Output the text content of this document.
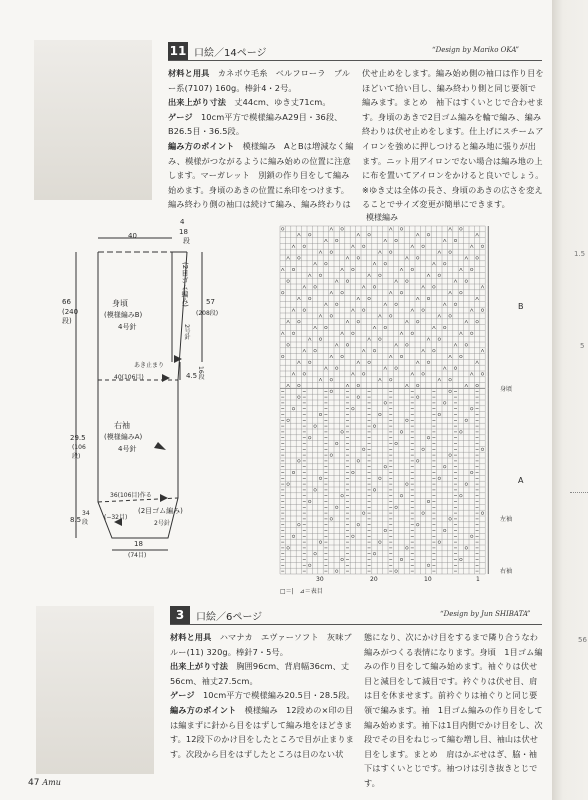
1.5
5
56
11 口絵／14ページ	“Design by Mariko OKA”

材料と用具　 カネボウ毛糸　ベルフローラ　ブルー系(7107) 160g。棒針4・2号。

出来上がり寸法　 丈44cm、ゆき丈71cm。

ゲージ　 10cm平方で模様編みA29目・36段、B26.5目・36.5段。

編み方のポイント　 模様編み　AとBは増減なく編み、模様がつながるように編み始めの位置に注意します。マーガレット　別鎖の作り目をして編み始めます。身頃のあきの位置に糸印をつけます。編み終わり側の袖口は続けて編み、編み終わりは

伏せ止めをします。編み始め側の袖口は作り目をほどいて拾い目し、編み終わり側と同じ要領で編みます。まとめ　袖下はすくいとじで合わせます。身頃のあきで2目ゴム編みを輪で編み、編み終わりは伏せ止めをします。仕上げにスチームアイロンを強めに押しつけると編み地に張りが出ます。ニット用アイロンでない場合は編み地の上に布を置いてアイロンをかけると良いでしょう。※ゆき丈は全体の長さ、身頃のあきの広さを変えることでサイズ変更が簡単にできます。

40
4
18
段
66
(240段)
身頃
(模様編みB)
4号針
(2目ゴム編み)
2号針
57
(208段)
あき止まり
40(106目)	4.5 16段
右袖
(模様編みA)
4号針
29.5
(106段)
36(106目)作る
8.5
34段
(−32目)
(2目ゴム編み)
2号針
18
(74目)
模様編み
B
A
身頃
左袖
右袖
1
10
20
30
□＝|　⊿＝表目
3	口絵／6ページ	“Design by Jun SHIBATA”

材料と用具　 ハマナカ　エヴァーソフト　灰味ブルー(11) 320g。棒針7・5号。

出来上がり寸法　 胸囲96cm、背肩幅36cm、丈56cm、袖丈27.5cm。

ゲージ　 10cm平方で模様編み20.5目・28.5段。

編み方のポイント　 模様編み　12段めの×印の目は編まずに針から目をはずして編み地をほどきます。12段下のかけ目をしたところで目が止まります。次段から目をはずしたところは目のない状

態になり、次にかけ目をするまで隣り合うなわ編みがつくる表情になります。身頃　1目ゴム編みの作り目をして編み始めます。袖ぐりは伏せ目と減目をして減目です。衿ぐりは伏せ目、肩は目を休ませます。前衿ぐりは袖ぐりと同じ要領で編みます。袖　1目ゴム編みの作り目をして編み始めます。袖下は1目内側でかけ目をし、次段でその目をねじって編む増し目、袖山は伏せ目をします。まとめ　肩はかぶせはぎ、脇・袖下はすくいとじです。袖つけは引き抜きとじです。

47 Amu
